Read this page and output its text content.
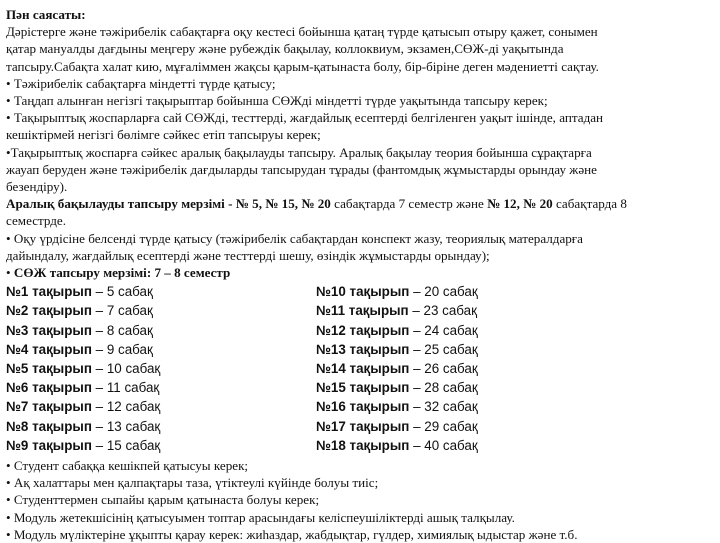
Пән саясаты:
Дәрістерге және тәжірибелік сабақтарға оқу кестесі бойынша қатаң түрде қатысып отыру қажет, сонымен
қатар мануалды дағдыны меңгеру және рубеждік бақылау, коллоквиум, экзамен,СӨЖ-ді уақытында
тапсыру.Сабақта халат кию, мұғаліммен жақсы қарым-қатынаста болу, бір-біріне деген мәдениетті сақтау.
• Тәжірибелік сабақтарға міндетті түрде қатысу;
• Таңдап алынған негізгі тақырыптар бойынша СӨЖді міндетті түрде уақытында тапсыру керек;
• Тақырыптық жоспарларға сай СӨЖді, тесттерді, жағдайлық есептерді белгіленген уақыт ішінде, аптадан
кешіктірмей негізгі бөлімге сәйкес етіп тапсыруы керек;
•Тақырыптық жоспарға сәйкес аралық бақылауды тапсыру. Аралық бақылау теория бойынша сұрақтарға
жауап беруден және тәжірибелік дағдыларды тапсырудан тұрады (фантомдық жұмыстарды орындау және
безендіру).
Аралық бақылауды тапсыру мерзімі - № 5, № 15, № 20 сабақтарда 7 семестр және № 12, № 20 сабақтарда 8
семестрде.
• Оқу үрдісіне белсенді түрде қатысу (тәжірибелік сабақтардан конспект жазу, теориялық матералдарға
дайындалу, жағдайлық есептерді және тесттерді шешу, өзіндік жұмыстарды орындау);
• СӨЖ тапсыру мерзімі: 7 – 8 семестр
№1 тақырып – 5 сабақ	№10 тақырып – 20 сабақ
№2 тақырып – 7 сабақ	№11 тақырып – 23 сабақ
№3 тақырып – 8 сабақ	№12 тақырып – 24 сабақ
№4 тақырып – 9 сабақ	№13 тақырып – 25 сабақ
№5 тақырып – 10 сабақ	№14 тақырып – 26 сабақ
№6 тақырып – 11 сабақ	№15 тақырып – 28 сабақ
№7 тақырып – 12 сабақ	№16 тақырып – 32 сабақ
№8 тақырып – 13 сабақ	№17 тақырып – 29 сабақ
№9 тақырып – 15 сабақ	№18 тақырып – 40 сабақ
• Студент сабаққа кешікпей қатысуы керек;
• Ақ халаттары мен қалпақтары таза, үтіктеулі күйінде болуы тиіс;
• Студенттермен сыпайы қарым қатынаста болуы керек;
• Модуль жетекшісінің қатысуымен топтар арасындағы келіспеушіліктерді ашық талқылау.
• Модуль мүліктеріне ұқыпты қарау керек: жиһаздар, жабдықтар, гүлдер, химиялық ыдыстар және т.б.
